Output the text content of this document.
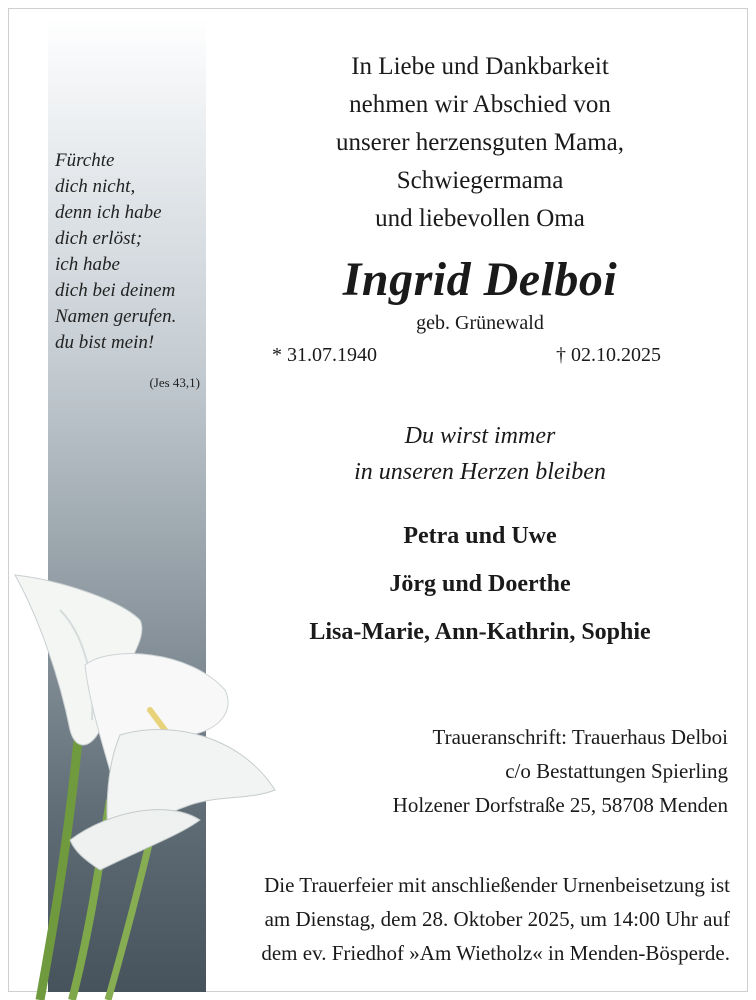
Fürchte
dich nicht,
denn ich habe
dich erlöst;
ich habe
dich bei deinem
Namen gerufen.
du bist mein!
(Jes 43,1)
In Liebe und Dankbarkeit
nehmen wir Abschied von
unserer herzensguten Mama,
Schwiegermama
und liebevollen Oma
Ingrid Delboi
geb. Grünewald
* 31.07.1940	† 02.10.2025
Du wirst immer
in unseren Herzen bleiben
Petra und Uwe
Jörg und Doerthe
Lisa-Marie, Ann-Kathrin, Sophie
Traueranschrift: Trauerhaus Delboi
c/o Bestattungen Spierling
Holzener Dorfstraße 25, 58708 Menden
Die Trauerfeier mit anschließender Urnenbeisetzung ist
am Dienstag, dem 28. Oktober 2025, um 14:00 Uhr auf
dem ev. Friedhof »Am Wietholz« in Menden-Bösperde.
